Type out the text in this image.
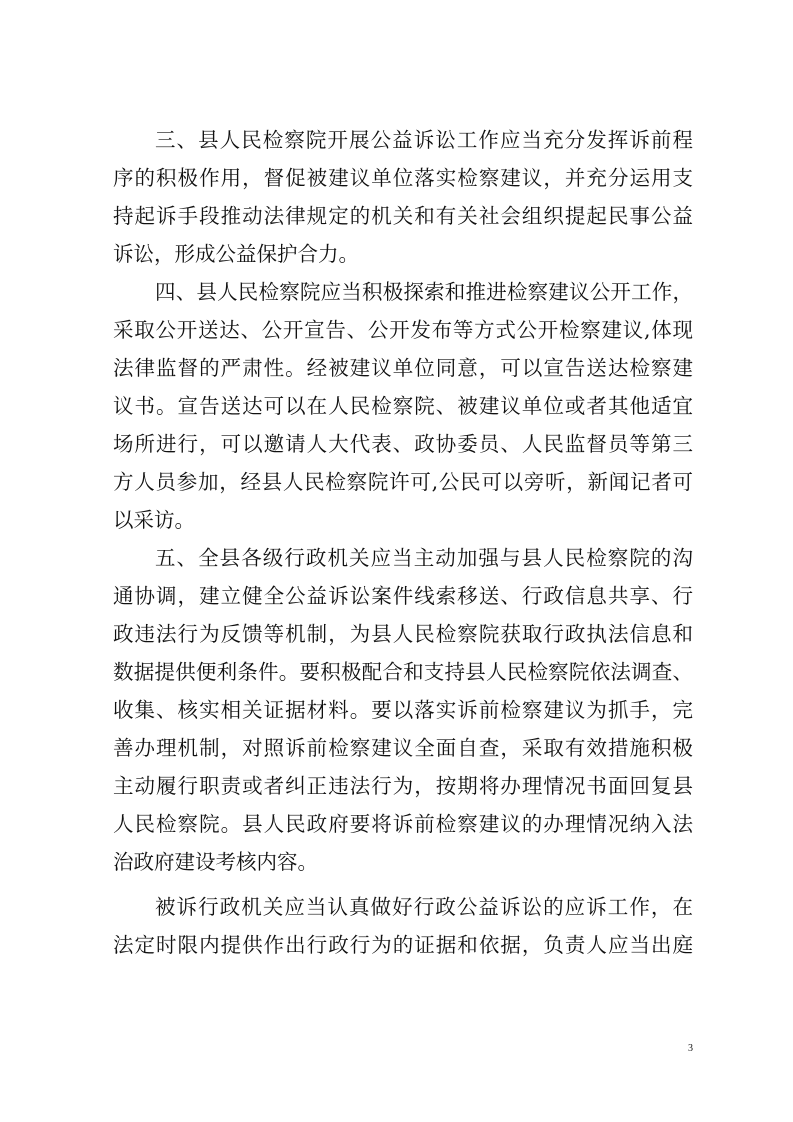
三、县人民检察院开展公益诉讼工作应当充分发挥诉前程
序的积极作用，督促被建议单位落实检察建议，并充分运用支
持起诉手段推动法律规定的机关和有关社会组织提起民事公益
诉讼，形成公益保护合力。
四、县人民检察院应当积极探索和推进检察建议公开工作，
采取公开送达、公开宣告、公开发布等方式公开检察建议,体现
法律监督的严肃性。经被建议单位同意，可以宣告送达检察建
议书。宣告送达可以在人民检察院、被建议单位或者其他适宜
场所进行，可以邀请人大代表、政协委员、人民监督员等第三
方人员参加，经县人民检察院许可,公民可以旁听，新闻记者可
以采访。
五、全县各级行政机关应当主动加强与县人民检察院的沟
通协调，建立健全公益诉讼案件线索移送、行政信息共享、行
政违法行为反馈等机制，为县人民检察院获取行政执法信息和
数据提供便利条件。要积极配合和支持县人民检察院依法调查、
收集、核实相关证据材料。要以落实诉前检察建议为抓手，完
善办理机制，对照诉前检察建议全面自查，采取有效措施积极
主动履行职责或者纠正违法行为，按期将办理情况书面回复县
人民检察院。县人民政府要将诉前检察建议的办理情况纳入法
治政府建设考核内容。
被诉行政机关应当认真做好行政公益诉讼的应诉工作，在
法定时限内提供作出行政行为的证据和依据，负责人应当出庭
3
